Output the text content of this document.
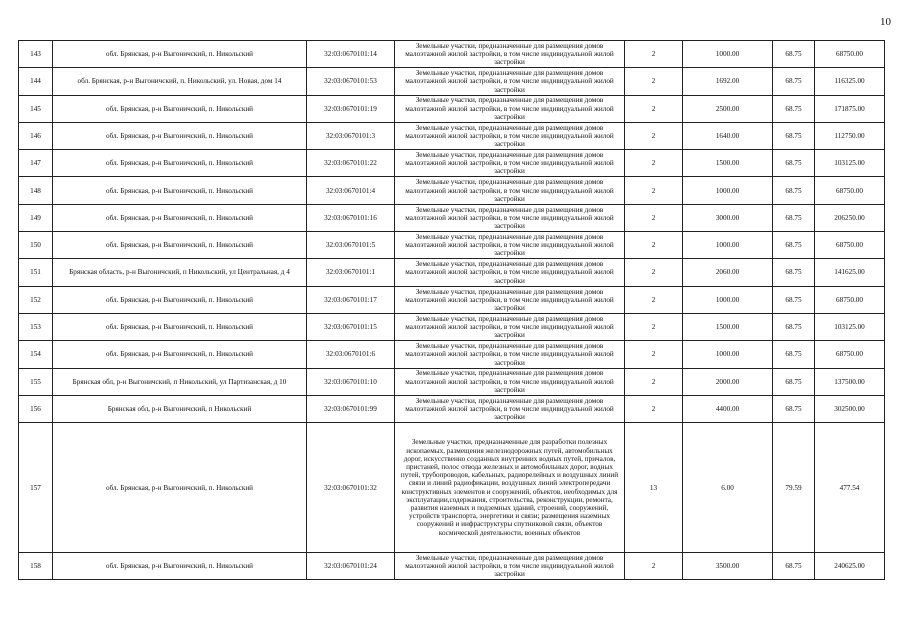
10
143	обл. Брянская, р-н Выгоничский, п. Никольский	32:03:0670101:14	Земельные участки, предназначенные для размещения домов малоэтажной жилой застройки, в том числе индивидуальной жилой застройки	2	1000.00	68.75	68750.00
144	обл. Брянская, р-н Выгоничский, п. Никольский, ул. Новая, дом 14	32:03:0670101:53	Земельные участки, предназначенные для размещения домов малоэтажной жилой застройки, в том числе индивидуальной жилой застройки	2	1692.00	68.75	116325.00
145	обл. Брянская, р-н Выгоничский, п. Никольский	32:03:0670101:19	Земельные участки, предназначенные для размещения домов малоэтажной жилой застройки, в том числе индивидуальной жилой застройки	2	2500.00	68.75	171875.00
146	обл. Брянская, р-н Выгоничский, п. Никольский	32:03:0670101:3	Земельные участки, предназначенные для размещения домов малоэтажной жилой застройки, в том числе индивидуальной жилой застройки	2	1640.00	68.75	112750.00
147	обл. Брянская, р-н Выгоничский, п. Никольский	32:03:0670101:22	Земельные участки, предназначенные для размещения домов малоэтажной жилой застройки, в том числе индивидуальной жилой застройки	2	1500.00	68.75	103125.00
148	обл. Брянская, р-н Выгоничский, п. Никольский	32:03:0670101:4	Земельные участки, предназначенные для размещения домов малоэтажной жилой застройки, в том числе индивидуальной жилой застройки	2	1000.00	68.75	68750.00
149	обл. Брянская, р-н Выгоничский, п. Никольский	32:03:0670101:16	Земельные участки, предназначенные для размещения домов малоэтажной жилой застройки, в том числе индивидуальной жилой застройки	2	3000.00	68.75	206250.00
150	обл. Брянская, р-н Выгоничский, п. Никольский	32:03:0670101:5	Земельные участки, предназначенные для размещения домов малоэтажной жилой застройки, в том числе индивидуальной жилой застройки	2	1000.00	68.75	68750.00
151	Брянская область, р-н Выгоничский, п Никольский, ул Центральная, д 4	32:03:0670101:1	Земельные участки, предназначенные для размещения домов малоэтажной жилой застройки, в том числе индивидуальной жилой застройки	2	2060.00	68.75	141625.00
152	обл. Брянская, р-н Выгоничский, п. Никольский	32:03:0670101:17	Земельные участки, предназначенные для размещения домов малоэтажной жилой застройки, в том числе индивидуальной жилой застройки	2	1000.00	68.75	68750.00
153	обл. Брянская, р-н Выгоничский, п. Никольский	32:03:0670101:15	Земельные участки, предназначенные для размещения домов малоэтажной жилой застройки, в том числе индивидуальной жилой застройки	2	1500.00	68.75	103125.00
154	обл. Брянская, р-н Выгоничский, п. Никольский	32:03:0670101:6	Земельные участки, предназначенные для размещения домов малоэтажной жилой застройки, в том числе индивидуальной жилой застройки	2	1000.00	68.75	68750.00
155	Брянская обл, р-н Выгоничский, п Никольский, ул Партизанская, д 10	32:03:0670101:10	Земельные участки, предназначенные для размещения домов малоэтажной жилой застройки, в том числе индивидуальной жилой застройки	2	2000.00	68.75	137500.00
156	Брянская обл, р-н Выгоничский, п Никольский	32:03:0670101:99	Земельные участки, предназначенные для размещения домов малоэтажной жилой застройки, в том числе индивидуальной жилой застройки	2	4400.00	68.75	302500.00
157	обл. Брянская, р-н Выгоничский, п. Никольский	32:03:0670101:32	Земельные участки, предназначенные для разработки полезных ископаемых, размещения железнодорожных путей, автомобильных дорог, искусственно созданных внутренних водных путей, причалов, пристаней, полос отвода железных и автомобильных дорог, водных путей, трубопроводов, кабельных, радиорелейных и воздушных линий связи и линий радиофикации, воздушных линий электропередачи конструктивных элементов и сооружений, объектов, необходимых для эксплуатации,содержания, строительства, реконструкции, ремонта, развития наземных и подземных зданий, строений, сооружений, устройств транспорта, энергетики и связи; размещения наземных сооружений и инфраструктуры спутниковой связи, объектов космической деятельности, военных объектов	13	6.00	79.59	477.54
158	обл. Брянская, р-н Выгоничский, п. Никольский	32:03:0670101:24	Земельные участки, предназначенные для размещения домов малоэтажной жилой застройки, в том числе индивидуальной жилой застройки	2	3500.00	68.75	240625.00
